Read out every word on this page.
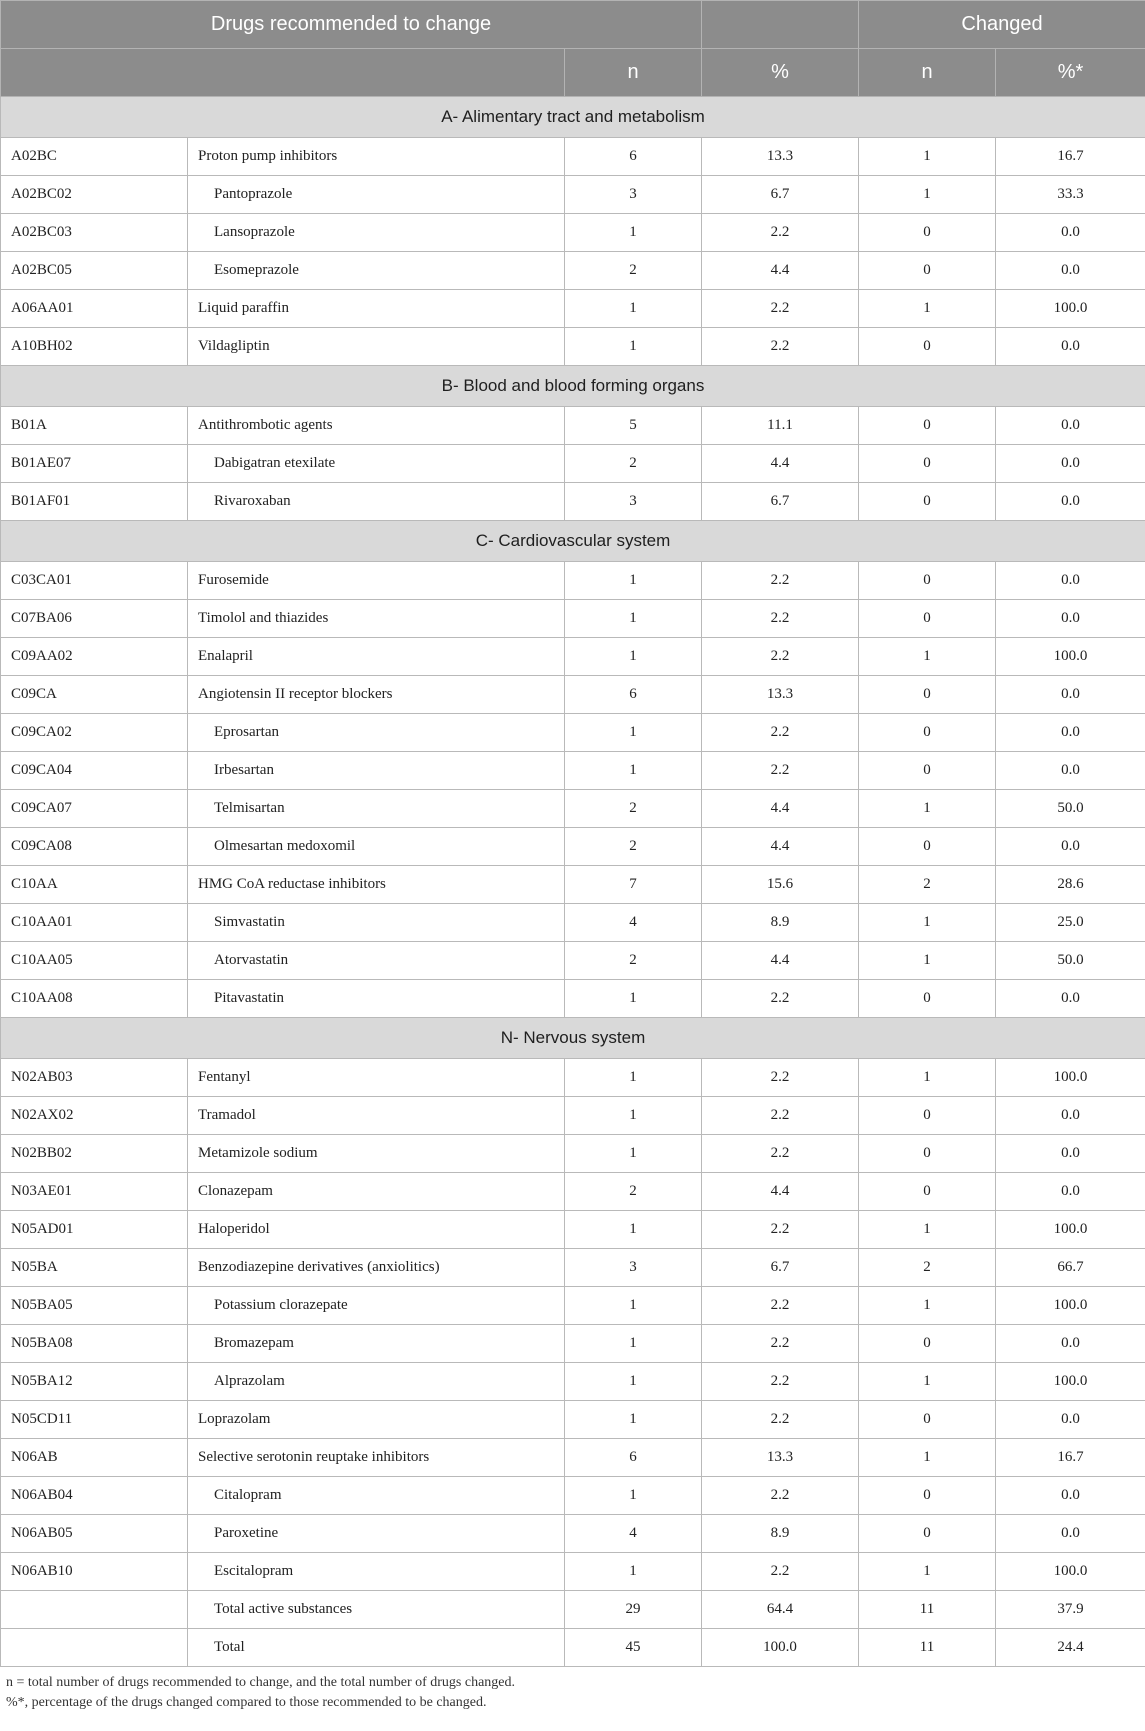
Drugs recommended to change				Changed	
		n	%	n	%*
A- Alimentary tract and metabolism					
A02BC	Proton pump inhibitors	6	13.3	1	16.7
A02BC02	Pantoprazole	3	6.7	1	33.3
A02BC03	Lansoprazole	1	2.2	0	0.0
A02BC05	Esomeprazole	2	4.4	0	0.0
A06AA01	Liquid paraffin	1	2.2	1	100.0
A10BH02	Vildagliptin	1	2.2	0	0.0
B- Blood and blood forming organs					
B01A	Antithrombotic agents	5	11.1	0	0.0
B01AE07	Dabigatran etexilate	2	4.4	0	0.0
B01AF01	Rivaroxaban	3	6.7	0	0.0
C- Cardiovascular system					
C03CA01	Furosemide	1	2.2	0	0.0
C07BA06	Timolol and thiazides	1	2.2	0	0.0
C09AA02	Enalapril	1	2.2	1	100.0
C09CA	Angiotensin II receptor blockers	6	13.3	0	0.0
C09CA02	Eprosartan	1	2.2	0	0.0
C09CA04	Irbesartan	1	2.2	0	0.0
C09CA07	Telmisartan	2	4.4	1	50.0
C09CA08	Olmesartan medoxomil	2	4.4	0	0.0
C10AA	HMG CoA reductase inhibitors	7	15.6	2	28.6
C10AA01	Simvastatin	4	8.9	1	25.0
C10AA05	Atorvastatin	2	4.4	1	50.0
C10AA08	Pitavastatin	1	2.2	0	0.0
N- Nervous system					
N02AB03	Fentanyl	1	2.2	1	100.0
N02AX02	Tramadol	1	2.2	0	0.0
N02BB02	Metamizole sodium	1	2.2	0	0.0
N03AE01	Clonazepam	2	4.4	0	0.0
N05AD01	Haloperidol	1	2.2	1	100.0
N05BA	Benzodiazepine derivatives (anxiolitics)	3	6.7	2	66.7
N05BA05	Potassium clorazepate	1	2.2	1	100.0
N05BA08	Bromazepam	1	2.2	0	0.0
N05BA12	Alprazolam	1	2.2	1	100.0
N05CD11	Loprazolam	1	2.2	0	0.0
N06AB	Selective serotonin reuptake inhibitors	6	13.3	1	16.7
N06AB04	Citalopram	1	2.2	0	0.0
N06AB05	Paroxetine	4	8.9	0	0.0
N06AB10	Escitalopram	1	2.2	1	100.0
	Total active substances	29	64.4	11	37.9
	Total	45	100.0	11	24.4
n = total number of drugs recommended to change, and the total number of drugs changed.
%*, percentage of the drugs changed compared to those recommended to be changed.
